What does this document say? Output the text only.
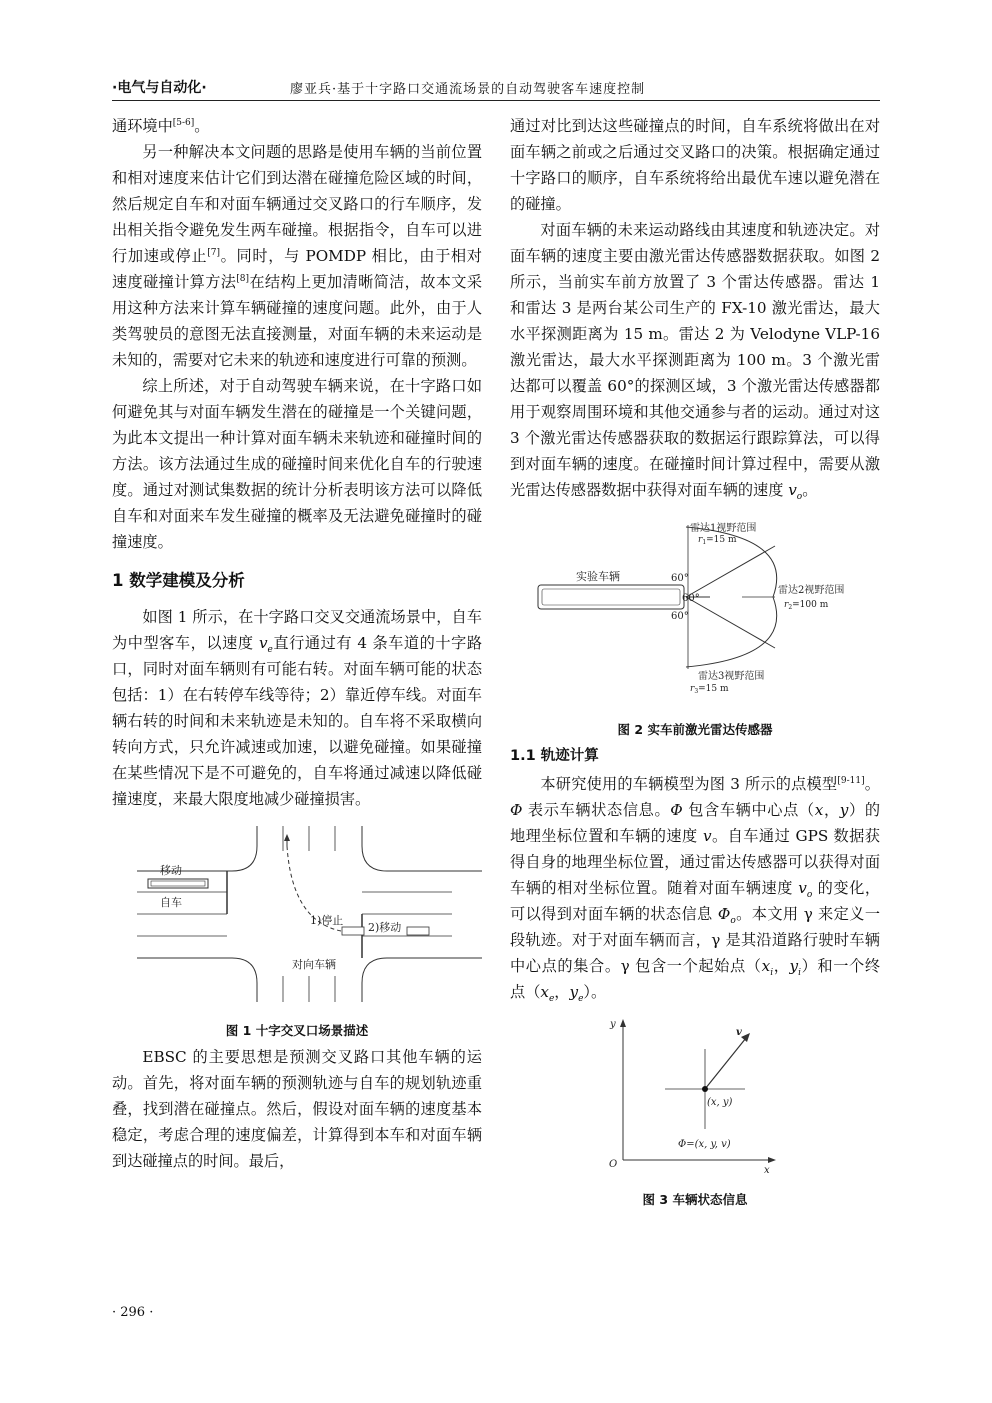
·电气与自动化·	廖亚兵·基于十字路口交通流场景的自动驾驶客车速度控制

通环境中[5-6]。

另一种解决本文问题的思路是使用车辆的当前位置和相对速度来估计它们到达潜在碰撞危险区域的时间，然后规定自车和对面车辆通过交叉路口的行车顺序，发出相关指令避免发生两车碰撞。根据指令，自车可以进行加速或停止[7]。同时，与 POMDP 相比，由于相对速度碰撞计算方法[8]在结构上更加清晰简洁，故本文采用这种方法来计算车辆碰撞的速度问题。此外，由于人类驾驶员的意图无法直接测量，对面车辆的未来运动是未知的，需要对它未来的轨迹和速度进行可靠的预测。

综上所述，对于自动驾驶车辆来说，在十字路口如何避免其与对面车辆发生潜在的碰撞是一个关键问题，为此本文提出一种计算对面车辆未来轨迹和碰撞时间的方法。该方法通过生成的碰撞时间来优化自车的行驶速度。通过对测试集数据的统计分析表明该方法可以降低自车和对面来车发生碰撞的概率及无法避免碰撞时的碰撞速度。

1 数学建模及分析

如图 1 所示，在十字路口交叉交通流场景中，自车为中型客车，以速度 $v_e$直行通过有 4 条车道的十字路口，同时对面车辆则有可能右转。对面车辆可能的状态包括：1）在右转停车线等待；2）靠近停车线。对面车辆右转的时间和未来轨迹是未知的。自车将不采取横向转向方式，只允许减速或加速，以避免碰撞。如果碰撞在某些情况下是不可避免的，自车将通过减速以降低碰撞速度，来最大限度地减少碰撞损害。

移动
自车
1)停止
2)移动
对向车辆
图 1 十字交叉口场景描述

EBSC 的主要思想是预测交叉路口其他车辆的运动。首先，将对面车辆的预测轨迹与自车的规划轨迹重叠，找到潜在碰撞点。然后，假设对面车辆的速度基本稳定，考虑合理的速度偏差，计算得到本车和对面车辆到达碰撞点的时间。最后，

通过对比到达这些碰撞点的时间，自车系统将做出在对面车辆之前或之后通过交叉路口的决策。根据确定通过十字路口的顺序，自车系统将给出最优车速以避免潜在的碰撞。

对面车辆的未来运动路线由其速度和轨迹决定。对面车辆的速度主要由激光雷达传感器数据获取。如图 2 所示，当前实车前方放置了 3 个雷达传感器。雷达 1 和雷达 3 是两台某公司生产的 FX-10 激光雷达，最大水平探测距离为 15 m。雷达 2 为 Velodyne VLP-16 激光雷达，最大水平探测距离为 100 m。3 个激光雷达都可以覆盖 60°的探测区域，3 个激光雷达传感器都用于观察周围环境和其他交通参与者的运动。通过对这 3 个激光雷达传感器获取的数据运行跟踪算法，可以得到对面车辆的速度。在碰撞时间计算过程中，需要从激光雷达传感器数据中获得对面车辆的速度 $v_o$。

雷达1视野范围
$r_1=15$ m
实验车辆	60°
60°
60°
雷达2视野范围
$r_2=100$ m
雷达3视野范围
$r_3=15$ m
图 2 实车前激光雷达传感器
1.1 轨迹计算

本研究使用的车辆模型为图 3 所示的点模型[9-11]。Φ 表示车辆状态信息。Φ 包含车辆中心点（x，y）的地理坐标位置和车辆的速度 v。自车通过 GPS 数据获得自身的地理坐标位置，通过雷达传感器可以获得对面车辆的相对坐标位置。随着对面车辆速度 $v_o$ 的变化，可以得到对面车辆的状态信息 $\Phi_o$。本文用 γ 来定义一段轨迹。对于对面车辆而言，γ 是其沿道路行驶时车辆中心点的集合。γ 包含一个起始点（$x_i$，$y_i$）和一个终点（$x_e$，$y_e$）。

y
v
(x, y)
Φ=(x, y, v)
O
x
图 3 车辆状态信息
· 296 ·
